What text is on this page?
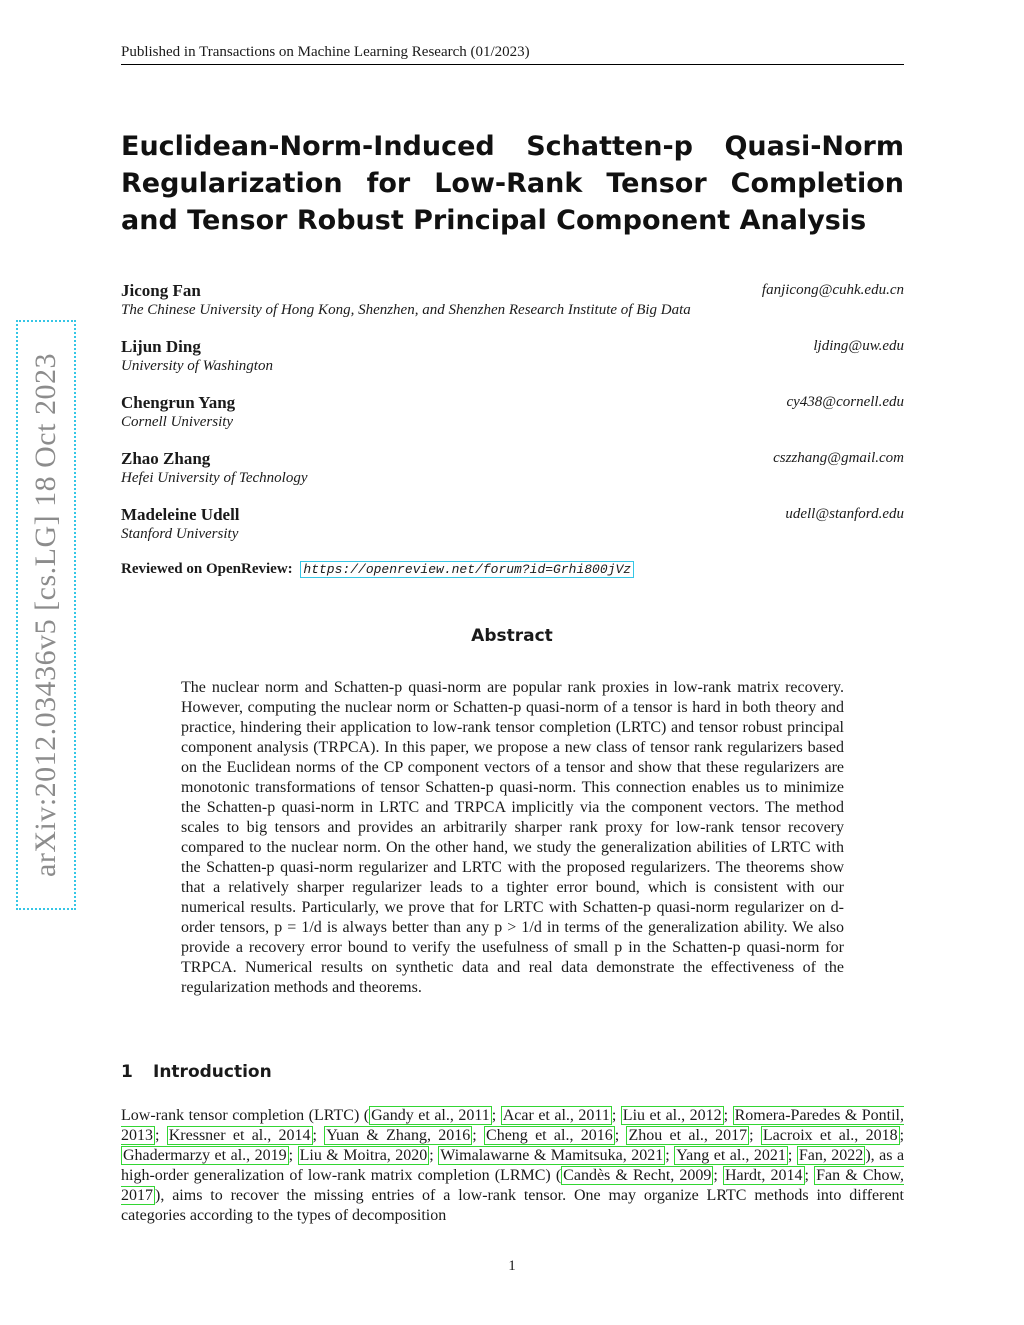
Published in Transactions on Machine Learning Research (01/2023)
arXiv:2012.03436v5 [cs.LG] 18 Oct 2023
Euclidean-Norm-Induced Schatten-p Quasi-Norm Regularization for Low-Rank Tensor Completion and Tensor Robust Principal Component Analysis
Jicong Fan	fanjicong@cuhk.edu.cn
The Chinese University of Hong Kong, Shenzhen, and Shenzhen Research Institute of Big Data
Lijun Ding	ljding@uw.edu
University of Washington
Chengrun Yang	cy438@cornell.edu
Cornell University
Zhao Zhang	cszzhang@gmail.com
Hefei University of Technology
Madeleine Udell	udell@stanford.edu
Stanford University
Reviewed on OpenReview: https://openreview.net/forum?id=Grhi800jVz
Abstract

The nuclear norm and Schatten-p quasi-norm are popular rank proxies in low-rank matrix recovery. However, computing the nuclear norm or Schatten-p quasi-norm of a tensor is hard in both theory and practice, hindering their application to low-rank tensor completion (LRTC) and tensor robust principal component analysis (TRPCA). In this paper, we propose a new class of tensor rank regularizers based on the Euclidean norms of the CP component vectors of a tensor and show that these regularizers are monotonic transformations of tensor Schatten-p quasi-norm. This connection enables us to minimize the Schatten-p quasi-norm in LRTC and TRPCA implicitly via the component vectors. The method scales to big tensors and provides an arbitrarily sharper rank proxy for low-rank tensor recovery compared to the nuclear norm. On the other hand, we study the generalization abilities of LRTC with the Schatten-p quasi-norm regularizer and LRTC with the proposed regularizers. The theorems show that a relatively sharper regularizer leads to a tighter error bound, which is consistent with our numerical results. Particularly, we prove that for LRTC with Schatten-p quasi-norm regularizer on d-order tensors, p = 1/d is always better than any p > 1/d in terms of the generalization ability. We also provide a recovery error bound to verify the usefulness of small p in the Schatten-p quasi-norm for TRPCA. Numerical results on synthetic data and real data demonstrate the effectiveness of the regularization methods and theorems.

1 Introduction

Low-rank tensor completion (LRTC) ( Gandy et al., 2011 ; Acar et al., 2011 ; Liu et al., 2012 ; Romera-Paredes & Pontil, 2013 ; Kressner et al., 2014 ; Yuan & Zhang, 2016 ; Cheng et al., 2016 ; Zhou et al., 2017 ; Lacroix et al., 2018 ; Ghadermarzy et al., 2019 ; Liu & Moitra, 2020 ; Wimalawarne & Mamitsuka, 2021 ; Yang et al., 2021 ; Fan, 2022 ), as a high-order generalization of low-rank matrix completion (LRMC) ( Candès & Recht, 2009 ; Hardt, 2014 ; Fan & Chow, 2017 ), aims to recover the missing entries of a low-rank tensor. One may organize LRTC methods into different categories according to the types of decomposition

1
